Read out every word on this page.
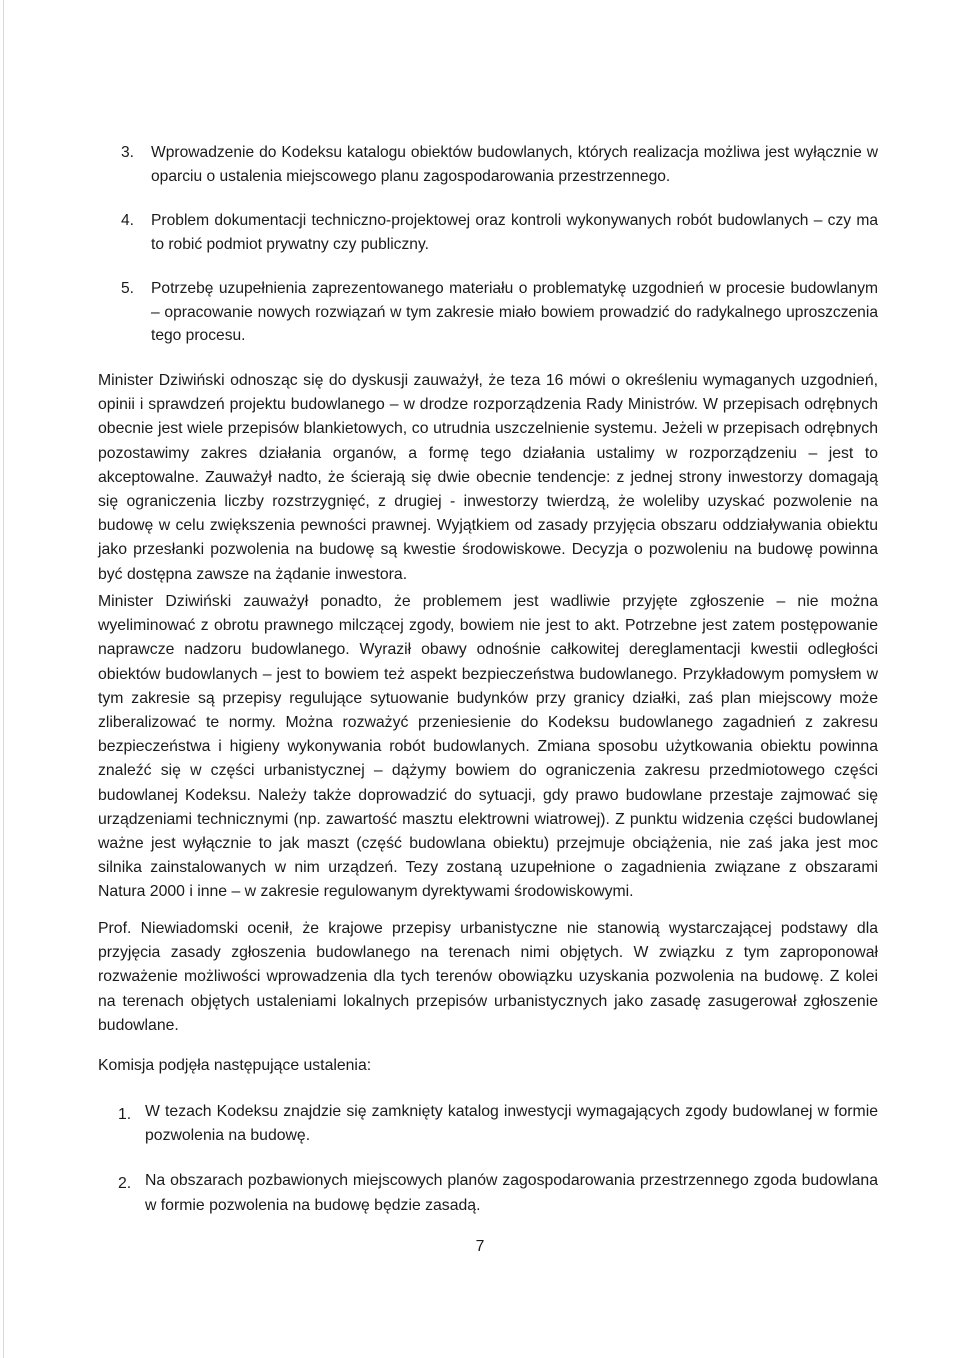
3. Wprowadzenie do Kodeksu katalogu obiektów budowlanych, których realizacja możliwa jest wyłącznie w oparciu o ustalenia miejscowego planu zagospodarowania przestrzennego.
4. Problem dokumentacji techniczno-projektowej oraz kontroli wykonywanych robót budowlanych – czy ma to robić podmiot prywatny czy publiczny.
5. Potrzebę uzupełnienia zaprezentowanego materiału o problematykę uzgodnień w procesie budowlanym – opracowanie nowych rozwiązań w tym zakresie miało bowiem prowadzić do radykalnego uproszczenia tego procesu.

Minister Dziwiński odnosząc się do dyskusji zauważył, że teza 16 mówi o określeniu wymaganych uzgodnień, opinii i sprawdzeń projektu budowlanego – w drodze rozporządzenia Rady Ministrów. W przepisach odrębnych obecnie jest wiele przepisów blankietowych, co utrudnia uszczelnienie systemu. Jeżeli w przepisach odrębnych pozostawimy zakres działania organów, a formę tego działania ustalimy w rozporządzeniu – jest to akceptowalne. Zauważył nadto, że ścierają się dwie obecnie tendencje: z jednej strony inwestorzy domagają się ograniczenia liczby rozstrzygnięć, z drugiej - inwestorzy twierdzą, że woleliby uzyskać pozwolenie na budowę w celu zwiększenia pewności prawnej. Wyjątkiem od zasady przyjęcia obszaru oddziaływania obiektu jako przesłanki pozwolenia na budowę są kwestie środowiskowe. Decyzja o pozwoleniu na budowę powinna być dostępna zawsze na żądanie inwestora.

Minister Dziwiński zauważył ponadto, że problemem jest wadliwie przyjęte zgłoszenie – nie można wyeliminować z obrotu prawnego milczącej zgody, bowiem nie jest to akt. Potrzebne jest zatem postępowanie naprawcze nadzoru budowlanego. Wyraził obawy odnośnie całkowitej dereglamentacji kwestii odległości obiektów budowlanych – jest to bowiem też aspekt bezpieczeństwa budowlanego. Przykładowym pomysłem w tym zakresie są przepisy regulujące sytuowanie budynków przy granicy działki, zaś plan miejscowy może zliberalizować te normy. Można rozważyć przeniesienie do Kodeksu budowlanego zagadnień z zakresu bezpieczeństwa i higieny wykonywania robót budowlanych. Zmiana sposobu użytkowania obiektu powinna znaleźć się w części urbanistycznej – dążymy bowiem do ograniczenia zakresu przedmiotowego części budowlanej Kodeksu. Należy także doprowadzić do sytuacji, gdy prawo budowlane przestaje zajmować się urządzeniami technicznymi (np. zawartość masztu elektrowni wiatrowej). Z punktu widzenia części budowlanej ważne jest wyłącznie to jak maszt (część budowlana obiektu) przejmuje obciążenia, nie zaś jaka jest moc silnika zainstalowanych w nim urządzeń. Tezy zostaną uzupełnione o zagadnienia związane z obszarami Natura 2000 i inne – w zakresie regulowanym dyrektywami środowiskowymi.

Prof. Niewiadomski ocenił, że krajowe przepisy urbanistyczne nie stanowią wystarczającej podstawy dla przyjęcia zasady zgłoszenia budowlanego na terenach nimi objętych. W związku z tym zaproponował rozważenie możliwości wprowadzenia dla tych terenów obowiązku uzyskania pozwolenia na budowę. Z kolei na terenach objętych ustaleniami lokalnych przepisów urbanistycznych jako zasadę zasugerował zgłoszenie budowlane.

Komisja podjęła następujące ustalenia:

1. W tezach Kodeksu znajdzie się zamknięty katalog inwestycji wymagających zgody budowlanej w formie pozwolenia na budowę.
2. Na obszarach pozbawionych miejscowych planów zagospodarowania przestrzennego zgoda budowlana w formie pozwolenia na budowę będzie zasadą.
7
